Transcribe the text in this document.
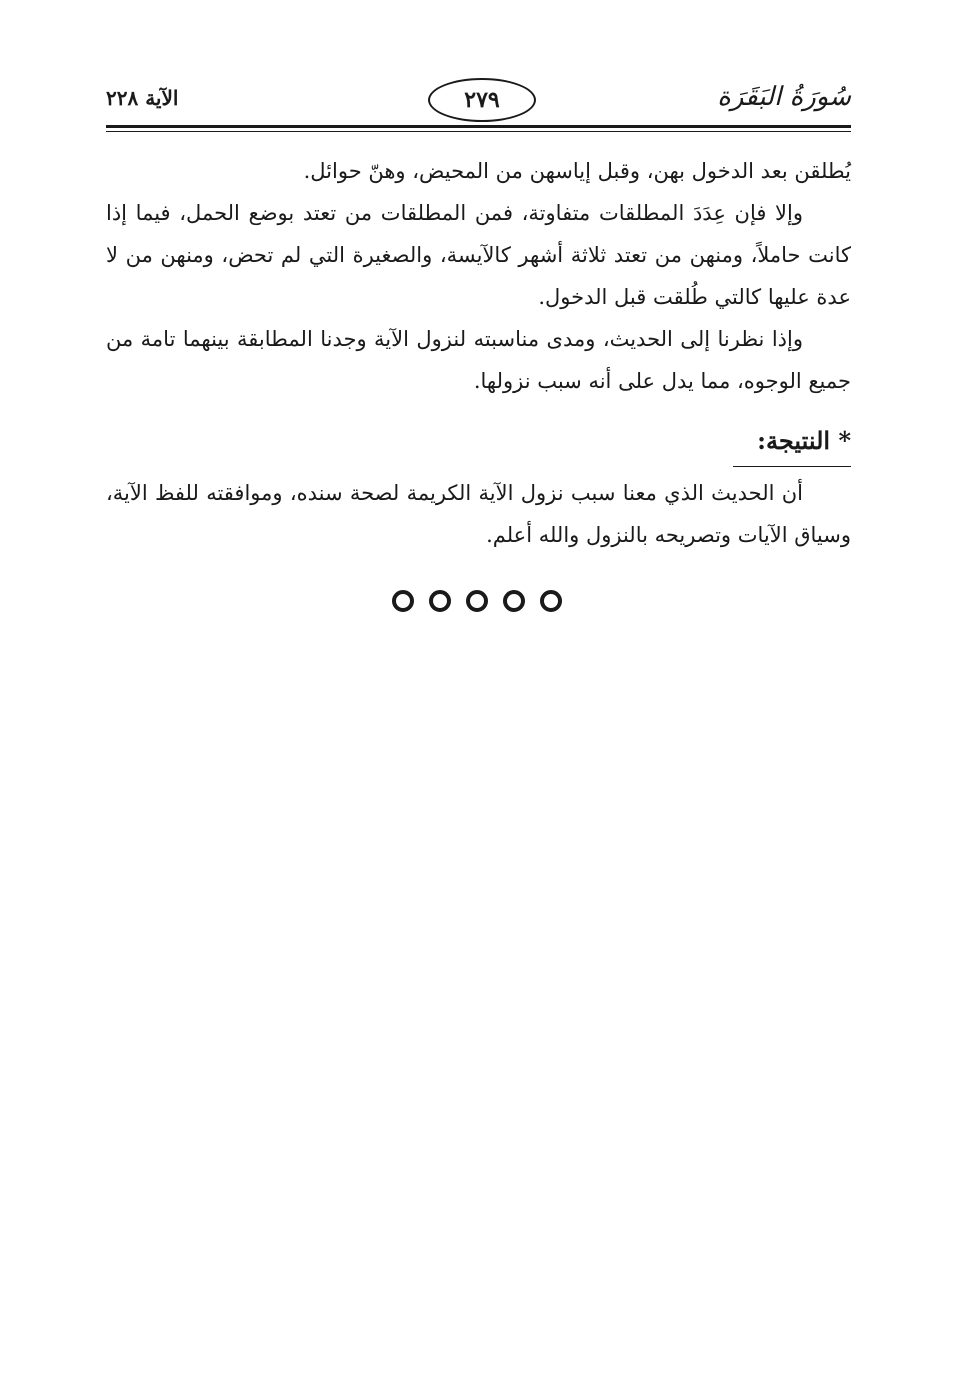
سُورَةُ البَقَرَة
٢٧٩
الآية ٢٢٨

يُطلقن بعد الدخول بهن، وقبل إياسهن من المحيض، وهنّ حوائل.

وإلا فإن عِدَدَ المطلقات متفاوتة، فمن المطلقات من تعتد بوضع الحمل، فيما إذا كانت حاملاً، ومنهن من تعتد ثلاثة أشهر كالآيسة، والصغيرة التي لم تحض، ومنهن من لا عدة عليها كالتي طُلقت قبل الدخول.

وإذا نظرنا إلى الحديث، ومدى مناسبته لنزول الآية وجدنا المطابقة بينهما تامة من جميع الوجوه، مما يدل على أنه سبب نزولها.

* النتيجة:

أن الحديث الذي معنا سبب نزول الآية الكريمة لصحة سنده، وموافقته للفظ الآية، وسياق الآيات وتصريحه بالنزول والله أعلم.
